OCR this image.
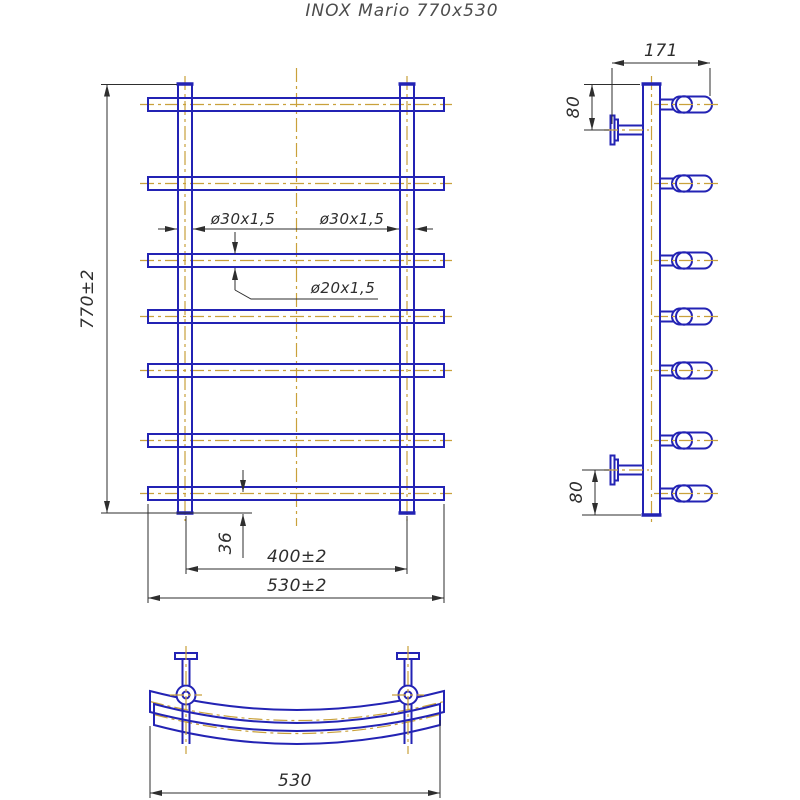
INOX Mario 770x530
770±2
ø30x1,5	ø30x1,5
ø20x1,5
36
400±2
530±2
171
80
80
530
